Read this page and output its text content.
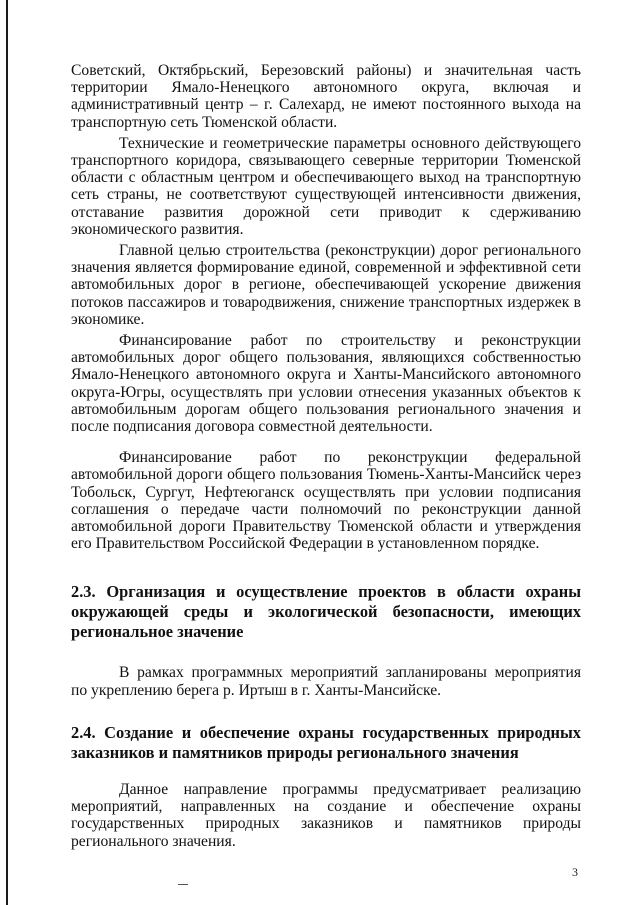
Советский, Октябрьский, Березовский районы) и значительная часть территории Ямало-Ненецкого автономного округа, включая и административный центр – г. Салехард, не имеют постоянного выхода на транспортную сеть Тюменской области.

Технические и геометрические параметры основного действующего транспортного коридора, связывающего северные территории Тюменской области с областным центром и обеспечивающего выход на транспортную сеть страны, не соответствуют существующей интенсивности движения, отставание развития дорожной сети приводит к сдерживанию экономического развития.

Главной целью строительства (реконструкции) дорог регионального значения является формирование единой, современной и эффективной сети автомобильных дорог в регионе, обеспечивающей ускорение движения потоков пассажиров и товародвижения, снижение транспортных издержек в экономике.

Финансирование работ по строительству и реконструкции автомобильных дорог общего пользования, являющихся собственностью Ямало-Ненецкого автономного округа и Ханты-Мансийского автономного округа-Югры, осуществлять при условии отнесения указанных объектов к автомобильным дорогам общего пользования регионального значения и после подписания договора совместной деятельности.

Финансирование работ по реконструкции федеральной автомобильной дороги общего пользования Тюмень-Ханты-Мансийск через Тобольск, Сургут, Нефтеюганск осуществлять при условии подписания соглашения о передаче части полномочий по реконструкции данной автомобильной дороги Правительству Тюменской области и утверждения его Правительством Российской Федерации в установленном порядке.

2.3. Организация и осуществление проектов в области охраны окружающей среды и экологической безопасности, имеющих региональное значение

В рамках программных мероприятий запланированы мероприятия по укреплению берега р. Иртыш в г. Ханты-Мансийске.

2.4. Создание и обеспечение охраны государственных природных заказников и памятников природы регионального значения

Данное направление программы предусматривает реализацию мероприятий, направленных на создание и обеспечение охраны государственных природных заказников и памятников природы регионального значения.

3
